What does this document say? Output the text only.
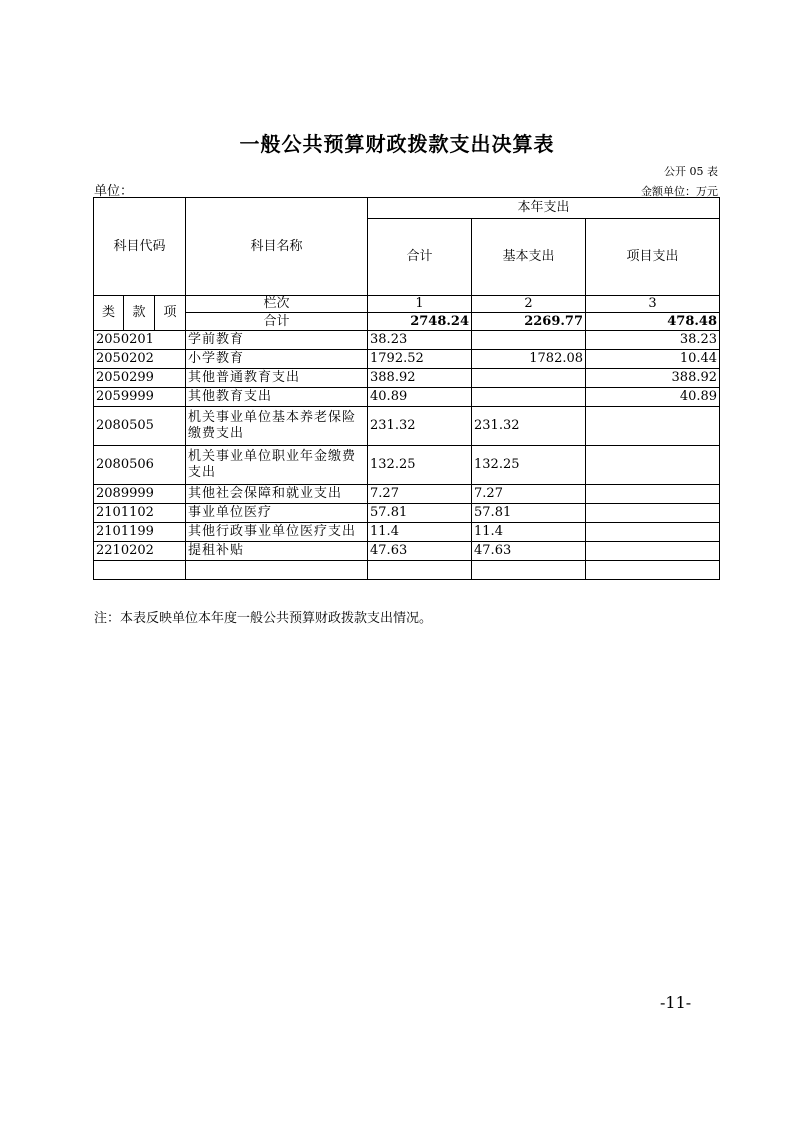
一般公共预算财政拨款支出决算表
公开 05 表
单位：	金额单位：万元
科目代码			科目名称	本年支出		
				合计	基本支出	项目支出
类	款	项	栏次	1	2	3
			合计	2748.24	2269.77	478.48
2050201			学前教育	38.23		38.23
2050202			小学教育	1792.52	1782.08	10.44
2050299			其他普通教育支出	388.92		388.92
2059999			其他教育支出	40.89		40.89
2080505			机关事业单位基本养老保险缴费支出	231.32	231.32	
2080506			机关事业单位职业年金缴费支出	132.25	132.25	
2089999			其他社会保障和就业支出	7.27	7.27	
2101102			事业单位医疗	57.81	57.81	
2101199			其他行政事业单位医疗支出	11.4	11.4	
2210202			提租补贴	47.63	47.63	

注：本表反映单位本年度一般公共预算财政拨款支出情况。
-11-
